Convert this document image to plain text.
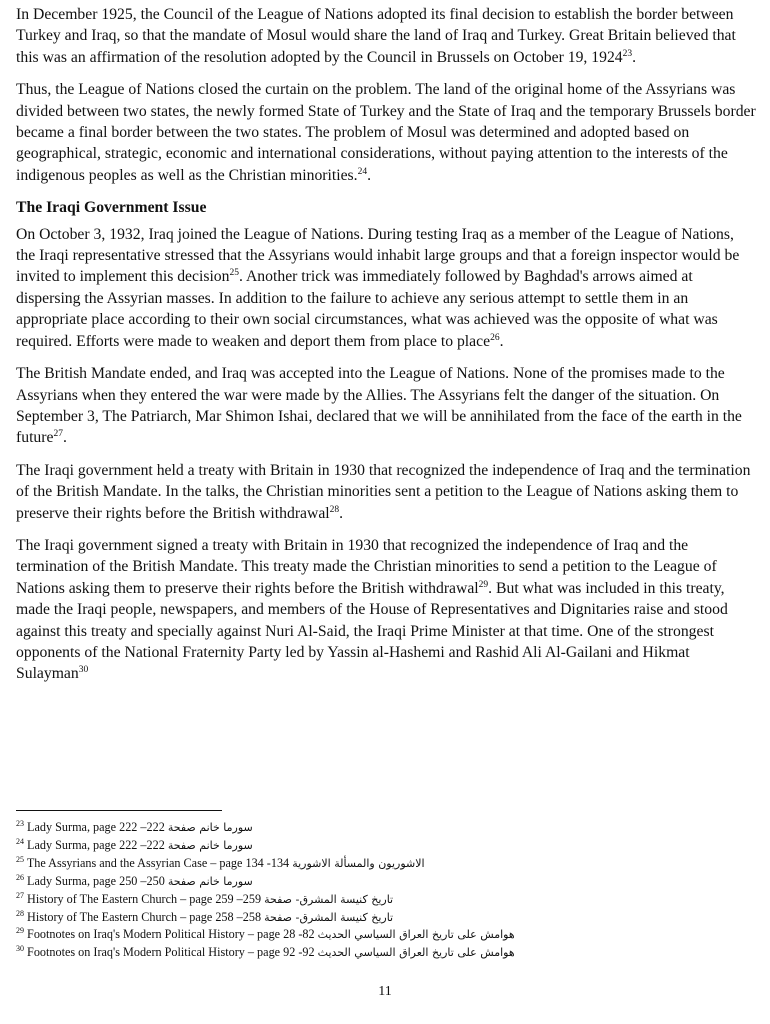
In December 1925, the Council of the League of Nations adopted its final decision to establish the border between Turkey and Iraq, so that the mandate of Mosul would share the land of Iraq and Turkey. Great Britain believed that this was an affirmation of the resolution adopted by the Council in Brussels on October 19, 1924$^{23}$.

Thus, the League of Nations closed the curtain on the problem. The land of the original home of the Assyrians was divided between two states, the newly formed State of Turkey and the State of Iraq and the temporary Brussels border became a final border between the two states. The problem of Mosul was determined and adopted based on geographical, strategic, economic and international considerations, without paying attention to the interests of the indigenous peoples as well as the Christian minorities.$^{24}$.

The Iraqi Government Issue

On October 3, 1932, Iraq joined the League of Nations. During testing Iraq as a member of the League of Nations, the Iraqi representative stressed that the Assyrians would inhabit large groups and that a foreign inspector would be invited to implement this decision$^{25}$. Another trick was immediately followed by Baghdad's arrows aimed at dispersing the Assyrian masses. In addition to the failure to achieve any serious attempt to settle them in an appropriate place according to their own social circumstances, what was achieved was the opposite of what was required. Efforts were made to weaken and deport them from place to place$^{26}$.

The British Mandate ended, and Iraq was accepted into the League of Nations. None of the promises made to the Assyrians when they entered the war were made by the Allies. The Assyrians felt the danger of the situation. On September 3, The Patriarch, Mar Shimon Ishai, declared that we will be annihilated from the face of the earth in the future$^{27}$.

The Iraqi government held a treaty with Britain in 1930 that recognized the independence of Iraq and the termination of the British Mandate. In the talks, the Christian minorities sent a petition to the League of Nations asking them to preserve their rights before the British withdrawal$^{28}$.

The Iraqi government signed a treaty with Britain in 1930 that recognized the independence of Iraq and the termination of the British Mandate. This treaty made the Christian minorities to send a petition to the League of Nations asking them to preserve their rights before the British withdrawal$^{29}$. But what was included in this treaty, made the Iraqi people, newspapers, and members of the House of Representatives and Dignitaries raise and stood against this treaty and specially against Nuri Al-Said, the Iraqi Prime Minister at that time. One of the strongest opponents of the National Fraternity Party led by Yassin al-Hashemi and Rashid Ali Al-Gailani and Hikmat Sulayman$^{30}$

$^{23}$ Lady Surma, page 222 –222 سورما خانم صفحة
$^{24}$ Lady Surma, page 222 –222 سورما خانم صفحة
$^{25}$ The Assyrians and the Assyrian Case – page 134 -134 الاشوريون والمسألة الاشورية
$^{26}$ Lady Surma, page 250 –250 سورما خانم صفحة
$^{27}$ History of The Eastern Church – page 259 –259 تاريخ كنيسة المشرق- صفحة
$^{28}$ History of The Eastern Church – page 258 –258 تاريخ كنيسة المشرق- صفحة
$^{29}$ Footnotes on Iraq's Modern Political History – page 28 -82 هوامش على تاريخ العراق السياسي الحديث
$^{30}$ Footnotes on Iraq's Modern Political History – page 92 -92 هوامش على تاريخ العراق السياسي الحديث
11
